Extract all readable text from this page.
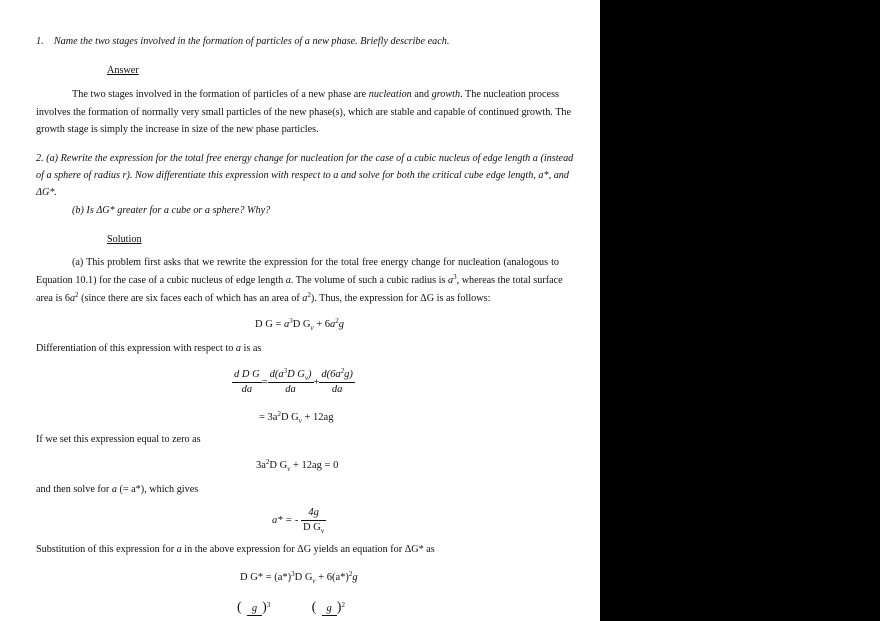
1. Name the two stages involved in the formation of particles of a new phase. Briefly describe each.
Answer
The two stages involved in the formation of particles of a new phase are nucleation and growth. The nucleation process
involves the formation of normally very small particles of the new phase(s), which are stable and capable of continued growth. The
growth stage is simply the increase in size of the new phase particles.
2. (a) Rewrite the expression for the total free energy change for nucleation for the case of a cubic nucleus of edge length a (instead
of a sphere of radius r). Now differentiate this expression with respect to a and solve for both the critical cube edge length, a*, and
ΔG*.
(b) Is ΔG* greater for a cube or a sphere? Why?
Solution
(a) This problem first asks that we rewrite the expression for the total free energy change for nucleation (analogous to
Equation 10.1) for the case of a cubic nucleus of edge length a. The volume of such a cubic radius is $a^3$, whereas the total surface
area is $6a^2$ (since there are six faces each of which has an area of $a^2$). Thus, the expression for ΔG is as follows:
D $G = a^3D$ $G_v + 6a^2g$
Differentiation of this expression with respect to a is as
$\frac{\text{d D G}}{da} = \frac{d(a^3D G_v)}{da} + \frac{d(6a^2g)}{da}$
= $3a^2D$ $G_v + 12ag$
If we set this expression equal to zero as
$3a^2D$ $G_v + 12ag = 0$
and then solve for a (= a*), which gives
a* = - $\frac{4g}{D G_v}$
Substitution of this expression for a in the above expression for ΔG yields an equation for ΔG* as
D $G* = (a*)^3D$ $G_v + 6(a*)^2g$
( g )$^3$	( g )$^2$
